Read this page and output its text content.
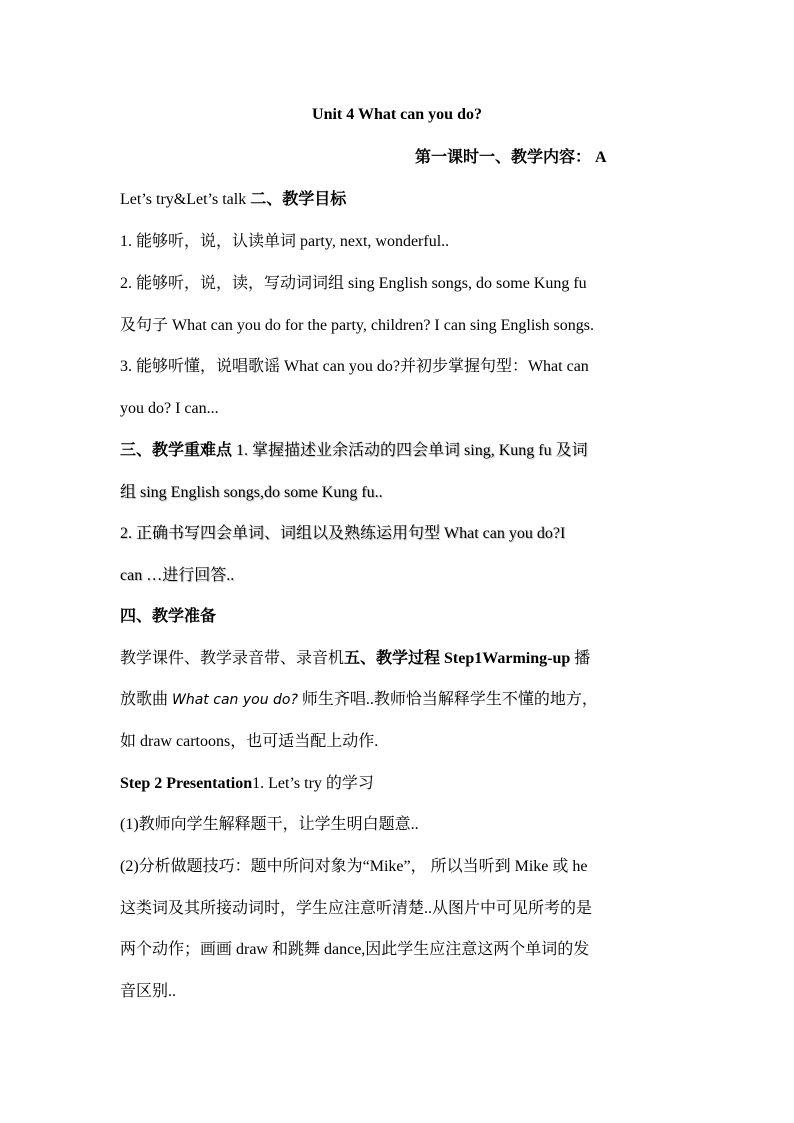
Unit 4 What can you do?
第一课时一、教学内容： A
Let’s try&Let’s talk 二、教学目标
1. 能够听，说，认读单词 party, next, wonderful..
2. 能够听，说，读，写动词词组 sing English songs, do some Kung fu
及句子 What can you do for the party, children? I can sing English songs.
3. 能够听懂，说唱歌谣 What can you do?并初步掌握句型：What can
you do? I can...
三、教学重难点 1. 掌握描述业余活动的四会单词 sing, Kung fu 及词
组 sing English songs,do some Kung fu..
2. 正确书写四会单词、词组以及熟练运用句型 What can you do?I
can …进行回答..
四、教学准备
教学课件、教学录音带、录音机五、教学过程 Step1Warming-up 播
放歌曲 What can you do? 师生齐唱..教师恰当解释学生不懂的地方，
如 draw cartoons，也可适当配上动作.
Step 2 Presentation1. Let’s try 的学习
(1)教师向学生解释题干，让学生明白题意..
(2)分析做题技巧：题中所问对象为“Mike”， 所以当听到 Mike 或 he
这类词及其所接动词时，学生应注意听清楚..从图片中可见所考的是
两个动作；画画 draw 和跳舞 dance,因此学生应注意这两个单词的发
音区别..
